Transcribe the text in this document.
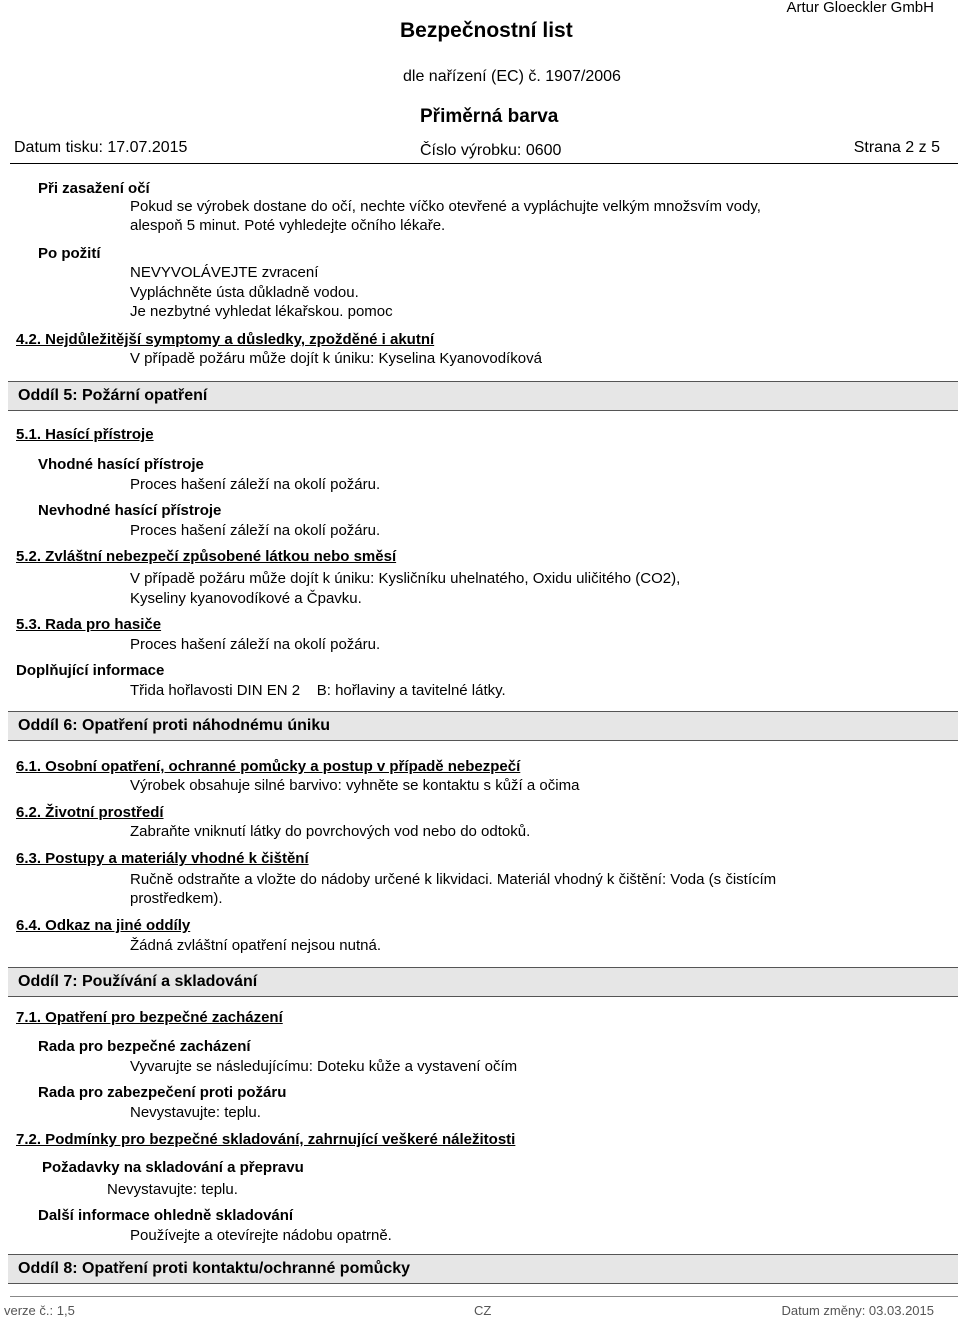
Bezpečnostní list
Artur Gloeckler GmbH
dle nařízení (EC) č. 1907/2006
Přiměrná barva
Datum tisku: 17.07.2015	Číslo výrobku: 0600	Strana 2 z 5
Při zasažení očí
Pokud se výrobek dostane do očí, nechte víčko otevřené a vypláchujte velkým množsvím vody,
alespoň 5 minut. Poté vyhledejte očního lékaře.
Po požití
NEVYVOLÁVEJTE zvracení
Vypláchněte ústa důkladně vodou.
Je nezbytné vyhledat lékařskou. pomoc
4.2. Nejdůležitější symptomy a důsledky, zpožděné i akutní
V případě požáru může dojít k úniku: Kyselina Kyanovodíková
Oddíl 5: Požární opatření
5.1. Hasící přístroje
Vhodné hasící přístroje
Proces hašení záleží na okolí požáru.
Nevhodné hasící přístroje
Proces hašení záleží na okolí požáru.
5.2. Zvláštní nebezpečí způsobené látkou nebo směsí
V případě požáru může dojít k úniku: Kysličníku uhelnatého, Oxidu uličitého (CO2),
Kyseliny kyanovodíkové a Čpavku.
5.3. Rada pro hasiče
Proces hašení záleží na okolí požáru.
Doplňující informace
Třida hořlavosti DIN EN 2    B: hořlaviny a tavitelné látky.
Oddíl 6: Opatření proti náhodnému úniku
6.1. Osobní opatření, ochranné pomůcky a postup v případě nebezpečí
Výrobek obsahuje silné barvivo: vyhněte se kontaktu s kůží a očima
6.2. Životní prostředí
Zabraňte vniknutí látky do povrchových vod nebo do odtoků.
6.3. Postupy a materiály vhodné k čištění
Ručně odstraňte a vložte do nádoby určené k likvidaci. Materiál vhodný k čištění: Voda (s čistícím
prostředkem).
6.4. Odkaz na jiné oddíly
Žádná zvláštní opatření nejsou nutná.
Oddíl 7: Používání a skladování
7.1. Opatření pro bezpečné zacházení
Rada pro bezpečné zacházení
Vyvarujte se následujícímu: Doteku kůže a vystavení očím
Rada pro zabezpečení proti požáru
Nevystavujte: teplu.
7.2. Podmínky pro bezpečné skladování, zahrnující veškeré náležitosti
Požadavky na skladování a přepravu
Nevystavujte: teplu.
Další informace ohledně skladování
Používejte a otevírejte nádobu opatrně.
Oddíl 8: Opatření proti kontaktu/ochranné pomůcky
verze č.: 1,5	CZ	Datum změny: 03.03.2015
